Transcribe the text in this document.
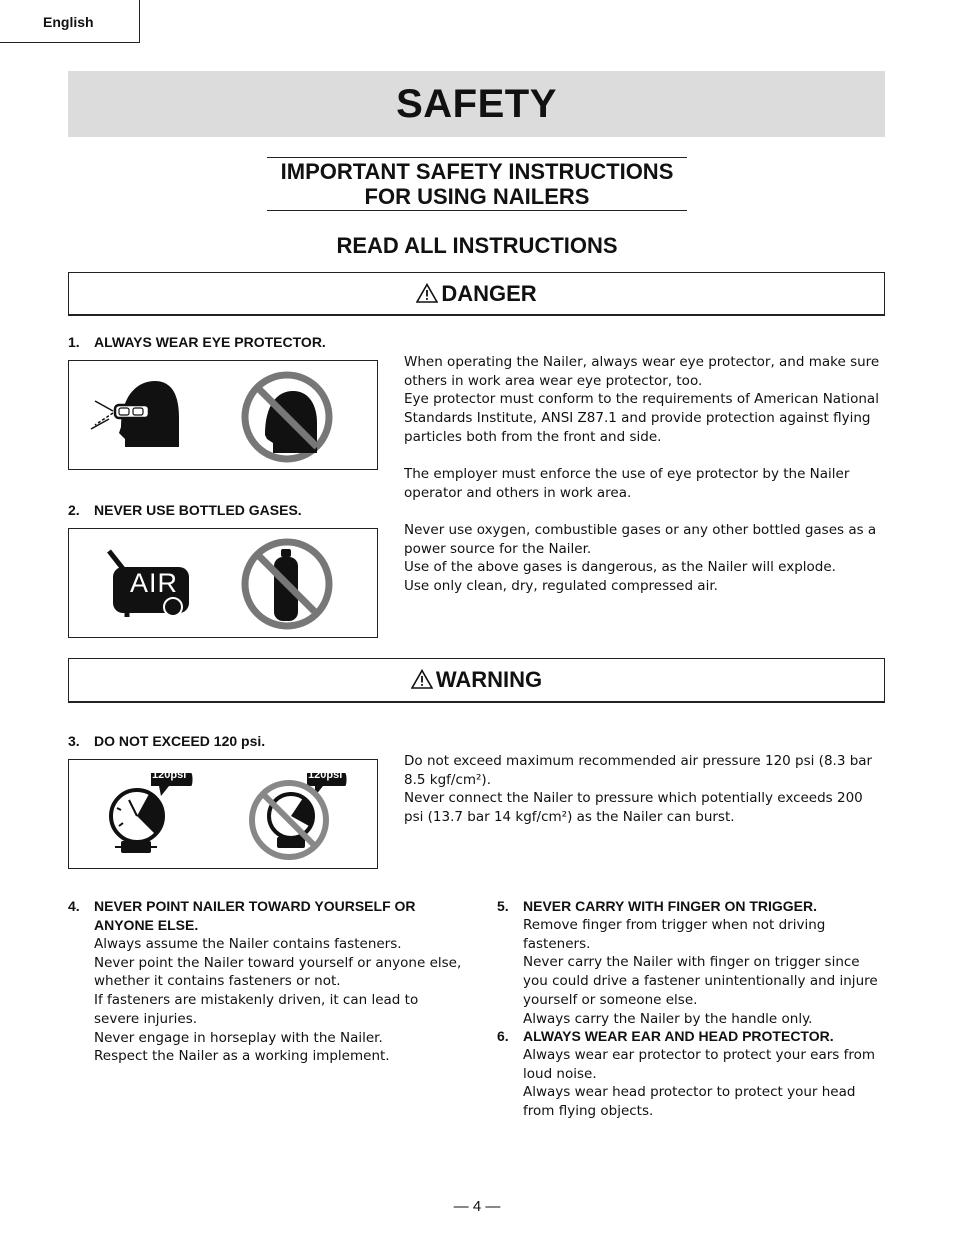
English
SAFETY
IMPORTANT SAFETY INSTRUCTIONS
FOR USING NAILERS
READ ALL INSTRUCTIONS
DANGER
1. ALWAYS WEAR EYE PROTECTOR.

When operating the Nailer, always wear eye protector, and make sure others in work area wear eye protector, too.

Eye protector must conform to the requirements of American National Standards Institute, ANSI Z87.1 and provide protection against flying particles both from the front and side.

The employer must enforce the use of eye protector by the Nailer operator and others in work area.

2. NEVER USE BOTTLED GASES.
AIR

Never use oxygen, combustible gases or any other bottled gases as a power source for the Nailer.

Use of the above gases is dangerous, as the Nailer will explode.

Use only clean, dry, regulated compressed air.

WARNING
3. DO NOT EXCEED 120 psi.
120psi	120psi

Do not exceed maximum recommended air pressure 120 psi (8.3 bar 8.5 kgf/cm²).

Never connect the Nailer to pressure which potentially exceeds 200 psi (13.7 bar 14 kgf/cm²) as the Nailer can burst.

4. NEVER POINT NAILER TOWARD YOURSELF OR ANYONE ELSE.

Always assume the Nailer contains fasteners.

Never point the Nailer toward yourself or anyone else, whether it contains fasteners or not.

If fasteners are mistakenly driven, it can lead to severe injuries.

Never engage in horseplay with the Nailer.

Respect the Nailer as a working implement.

5. NEVER CARRY WITH FINGER ON TRIGGER.

Remove finger from trigger when not driving fasteners.

Never carry the Nailer with finger on trigger since you could drive a fastener unintentionally and injure yourself or someone else.

Always carry the Nailer by the handle only.

6. ALWAYS WEAR EAR AND HEAD PROTECTOR.

Always wear ear protector to protect your ears from loud noise.

Always wear head protector to protect your head from flying objects.

— 4 —
